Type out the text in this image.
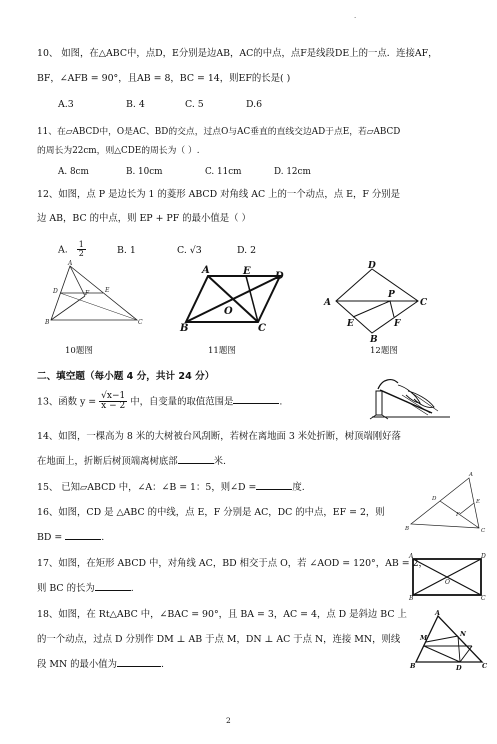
·
10、 如图，在△ABC中，点D，E分别是边AB，AC的中点，点F是线段DE上的一点．连接AF，
BF，∠AFB = 90°，且AB = 8，BC = 14，则EF的长是( )
A.3	B. 4	C. 5	D.6
11、在▱ABCD中，O是AC、BD的交点，过点O与AC垂直的直线交边AD于点E，若▱ABCD
的周长为22cm，则△CDE的周长为（ ）.
A. 8cm	B. 10cm	C. 11cm	D. 12cm
12、如图，点 P 是边长为 1 的菱形 ABCD 对角线 AC 上的一个动点，点 E，F 分别是
边 AB，BC 的中点，则 EP + PF 的最小值是（ ）
A. $\frac{1}{2}$	B. 1	C. √3	D. 2
A
B	C
D	E
F
10题图
A
B	C
D
E
O
11题图
A
B
C
D
E	F
P
12题图
二、填空题（每小题 4 分，共计 24 分）
13、函数 $y = \frac{√x-1}{x - 2}$ 中，自变量的取值范围是	.
14、如图，一棵高为 8 米的大树被台风刮断，若树在离地面 3 米处折断，树顶端刚好落
在地面上，折断后树顶端离树底部	米.
15、 已知▱ABCD 中，∠A：∠B = 1：5，则∠D =	度.
A
B	C
D	E
F
16、如图，CD 是 △ABC 的中线，点 E，F 分别是 AC，DC 的中点，EF = 2，则
BD =	.
A	D
B	C
O
17、如图，在矩形 ABCD 中，对角线 AC，BD 相交于点 O，若 ∠AOD = 120°，AB = 2，
则 BC 的长为	.
A
B	C
D
M	N
18、如图，在 Rt△ABC 中，∠BAC = 90°，且 BA = 3，AC = 4，点 D 是斜边 BC 上
的一个动点，过点 D 分别作 DM ⊥ AB 于点 M，DN ⊥ AC 于点 N，连接 MN，则线
段 MN 的最小值为	.
2
